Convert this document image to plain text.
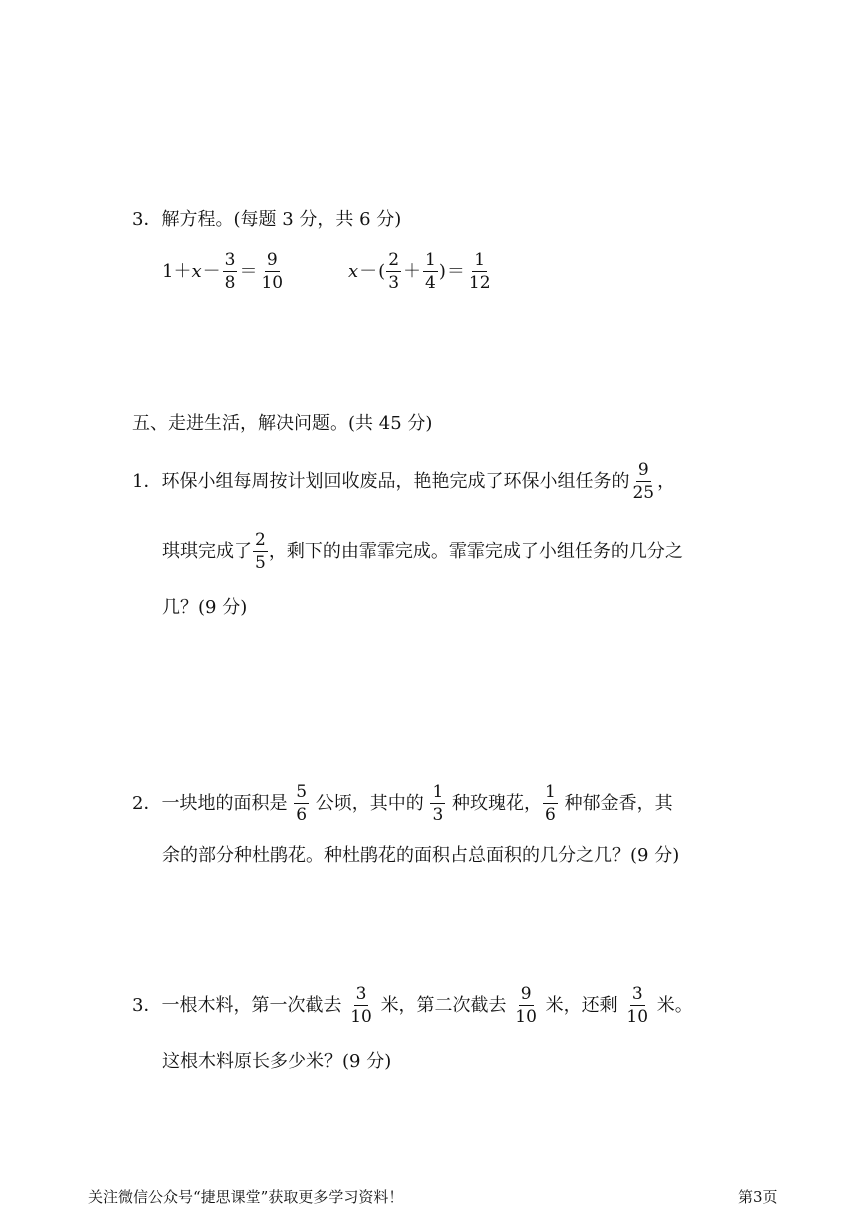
3．解方程。(每题 3 分，共 6 分)
$1+x- \frac{3}{8} = \frac{9}{10}$	$x-( \frac{2}{3} + \frac{1}{4}$ )＝ $\frac{1}{12}$
五、走进生活，解决问题。(共 45 分)
1．环保小组每周按计划回收废品，艳艳完成了环保小组任务的 $\frac{9}{25}$ ，
琪琪完成了 $\frac{2}{5}$ ，剩下的由霏霏完成。霏霏完成了小组任务的几分之
几？(9 分)
2．一块地的面积是 $\frac{5}{6}$ 公顷，其中的 $\frac{1}{3}$ 种玫瑰花， $\frac{1}{6}$ 种郁金香，其
余的部分种杜鹃花。种杜鹃花的面积占总面积的几分之几？(9 分)
3．一根木料，第一次截去 $\frac{3}{10}$ 米，第二次截去 $\frac{9}{10}$ 米，还剩 $\frac{3}{10}$ 米。
这根木料原长多少米？(9 分)
关注微信公众号“捷思课堂”获取更多学习资料！	第3页
